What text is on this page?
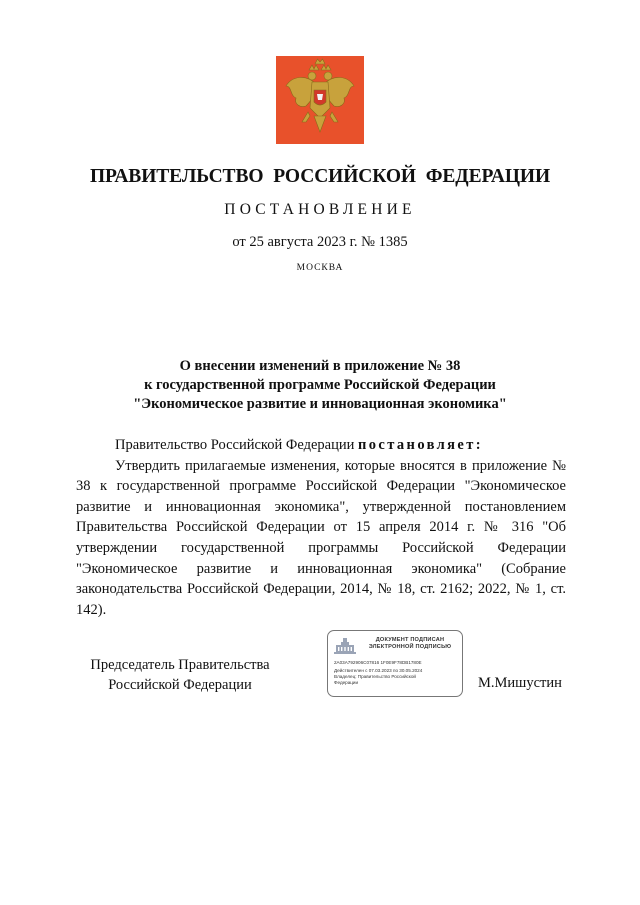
ПРАВИТЕЛЬСТВО РОССИЙСКОЙ ФЕДЕРАЦИИ
ПОСТАНОВЛЕНИЕ
от 25 августа 2023 г. № 1385
МОСКВА
О внесении изменений в приложение № 38
к государственной программе Российской Федерации
"Экономическое развитие и инновационная экономика"

Правительство Российской Федерации постановляет:

Утвердить прилагаемые изменения, которые вносятся в приложение № 38 к государственной программе Российской Федерации "Экономическое развитие и инновационная экономика", утвержденной постановлением Правительства Российской Федерации от 15 апреля 2014 г. № 316 "Об утверждении государственной программы Российской Федерации "Экономическое развитие и инновационная экономика" (Собрание законодательства Российской Федерации, 2014, № 18, ст. 2162; 2022, № 1, ст. 142).

Председатель Правительства
Российской Федерации
ДОКУМЕНТ ПОДПИСАН
ЭЛЕКТРОННОЙ ПОДПИСЬЮ
2A03A792906C07816 1F0E9F78DB1780E
Действителен с 07.03.2023 по 30.05.2024
Владелец: Правительство Российской Федерации	М.Мишустин
